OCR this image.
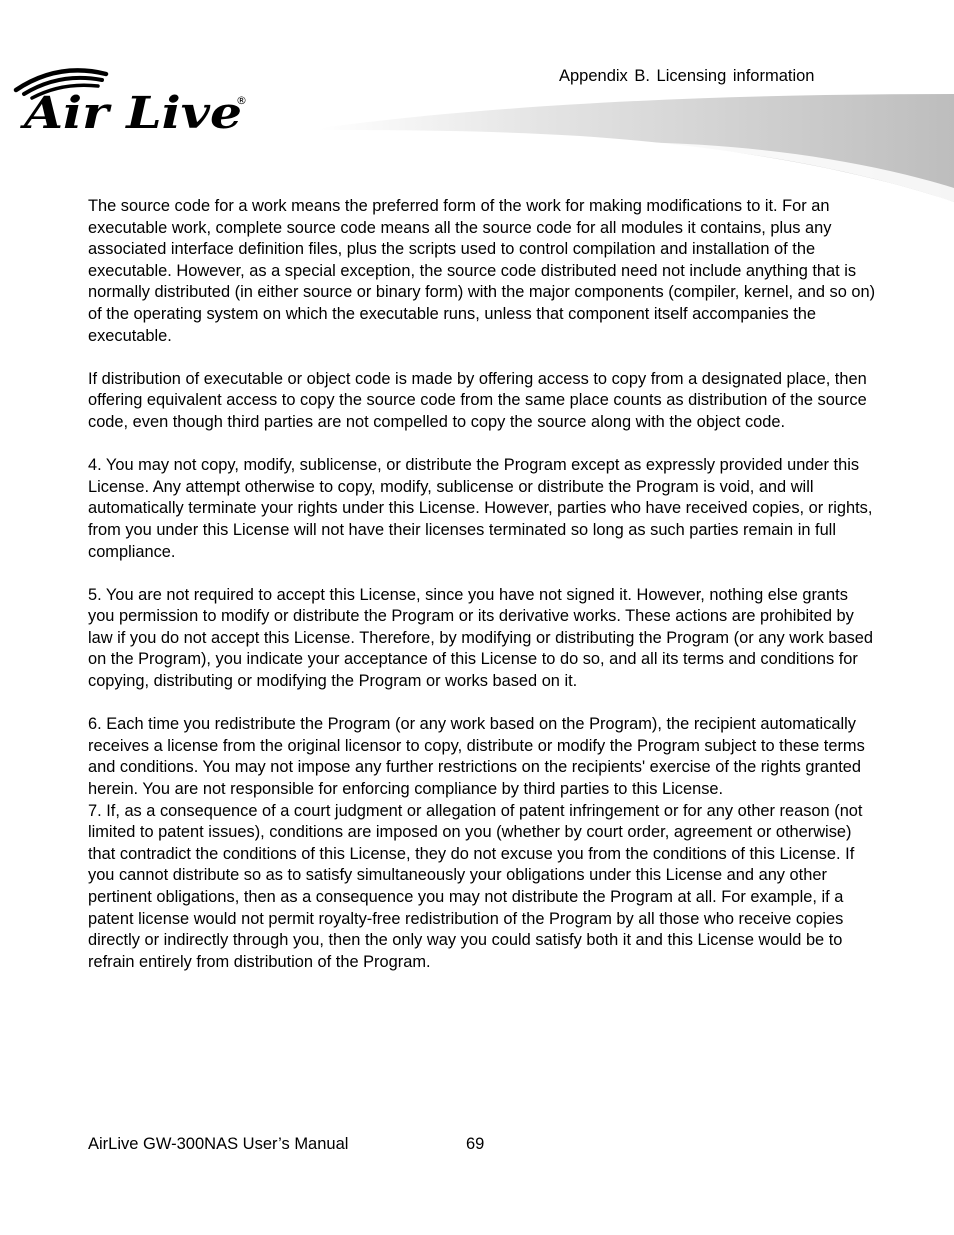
Air Live
®
Appendix B. Licensing information

The source code for a work means the preferred form of the work for making modifications to it. For an executable work, complete source code means all the source code for all modules it contains, plus any associated interface definition files, plus the scripts used to control compilation and installation of the executable. However, as a special exception, the source code distributed need not include anything that is normally distributed (in either source or binary form) with the major components (compiler, kernel, and so on) of the operating system on which the executable runs, unless that component itself accompanies the executable.

If distribution of executable or object code is made by offering access to copy from a designated place, then offering equivalent access to copy the source code from the same place counts as distribution of the source code, even though third parties are not compelled to copy the source along with the object code.

4. You may not copy, modify, sublicense, or distribute the Program except as expressly provided under this License. Any attempt otherwise to copy, modify, sublicense or distribute the Program is void, and will automatically terminate your rights under this License. However, parties who have received copies, or rights, from you under this License will not have their licenses terminated so long as such parties remain in full compliance.

5. You are not required to accept this License, since you have not signed it. However, nothing else grants you permission to modify or distribute the Program or its derivative works. These actions are prohibited by law if you do not accept this License. Therefore, by modifying or distributing the Program (or any work based on the Program), you indicate your acceptance of this License to do so, and all its terms and conditions for copying, distributing or modifying the Program or works based on it.

6. Each time you redistribute the Program (or any work based on the Program), the recipient automatically receives a license from the original licensor to copy, distribute or modify the Program subject to these terms and conditions. You may not impose any further restrictions on the recipients' exercise of the rights granted herein. You are not responsible for enforcing compliance by third parties to this License.

7. If, as a consequence of a court judgment or allegation of patent infringement or for any other reason (not limited to patent issues), conditions are imposed on you (whether by court order, agreement or otherwise) that contradict the conditions of this License, they do not excuse you from the conditions of this License. If you cannot distribute so as to satisfy simultaneously your obligations under this License and any other pertinent obligations, then as a consequence you may not distribute the Program at all. For example, if a patent license would not permit royalty-free redistribution of the Program by all those who receive copies directly or indirectly through you, then the only way you could satisfy both it and this License would be to refrain entirely from distribution of the Program.

AirLive GW-300NAS User’s Manual	69
